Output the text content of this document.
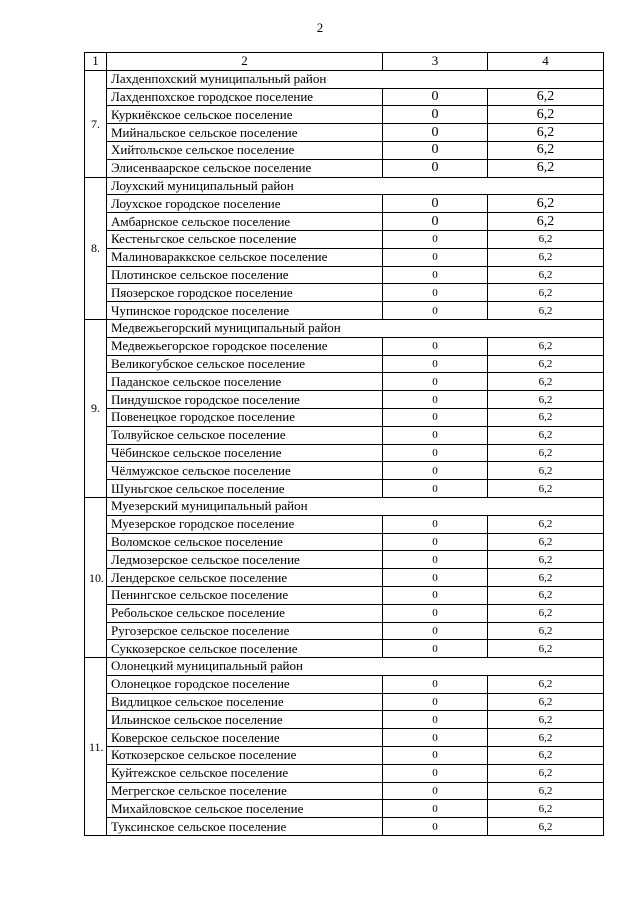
2
1	2	3	4
7.	Лахденпохский муниципальный район		
	Лахденпохское городское поселение	0	6,2
	Куркиёкское сельское поселение	0	6,2
	Мийнальское сельское поселение	0	6,2
	Хийтольское сельское поселение	0	6,2
	Элисенваарское сельское поселение	0	6,2
8.	Лоухский муниципальный район		
	Лоухское городское поселение	0	6,2
	Амбарнское сельское поселение	0	6,2
	Кестеньгское сельское поселение	0	6,2
	Малиновараккское сельское поселение	0	6,2
	Плотинское сельское поселение	0	6,2
	Пяозерское городское поселение	0	6,2
	Чупинское городское поселение	0	6,2
9.	Медвежьегорский муниципальный район		
	Медвежьегорское городское поселение	0	6,2
	Великогубское сельское поселение	0	6,2
	Паданское сельское поселение	0	6,2
	Пиндушское городское поселение	0	6,2
	Повенецкое городское поселение	0	6,2
	Толвуйское сельское поселение	0	6,2
	Чёбинское сельское поселение	0	6,2
	Чёлмужское сельское поселение	0	6,2
	Шуньгское сельское поселение	0	6,2
10.	Муезерский муниципальный район		
	Муезерское городское поселение	0	6,2
	Воломское сельское поселение	0	6,2
	Ледмозерское сельское поселение	0	6,2
	Лендерское сельское поселение	0	6,2
	Пенингское сельское поселение	0	6,2
	Ребольское сельское поселение	0	6,2
	Ругозерское сельское поселение	0	6,2
	Суккозерское сельское поселение	0	6,2
11.	Олонецкий муниципальный район		
	Олонецкое городское поселение	0	6,2
	Видлицкое сельское поселение	0	6,2
	Ильинское сельское поселение	0	6,2
	Коверское сельское поселение	0	6,2
	Коткозерское сельское поселение	0	6,2
	Куйтежское сельское поселение	0	6,2
	Мегрегское сельское поселение	0	6,2
	Михайловское сельское поселение	0	6,2
	Туксинское сельское поселение	0	6,2
